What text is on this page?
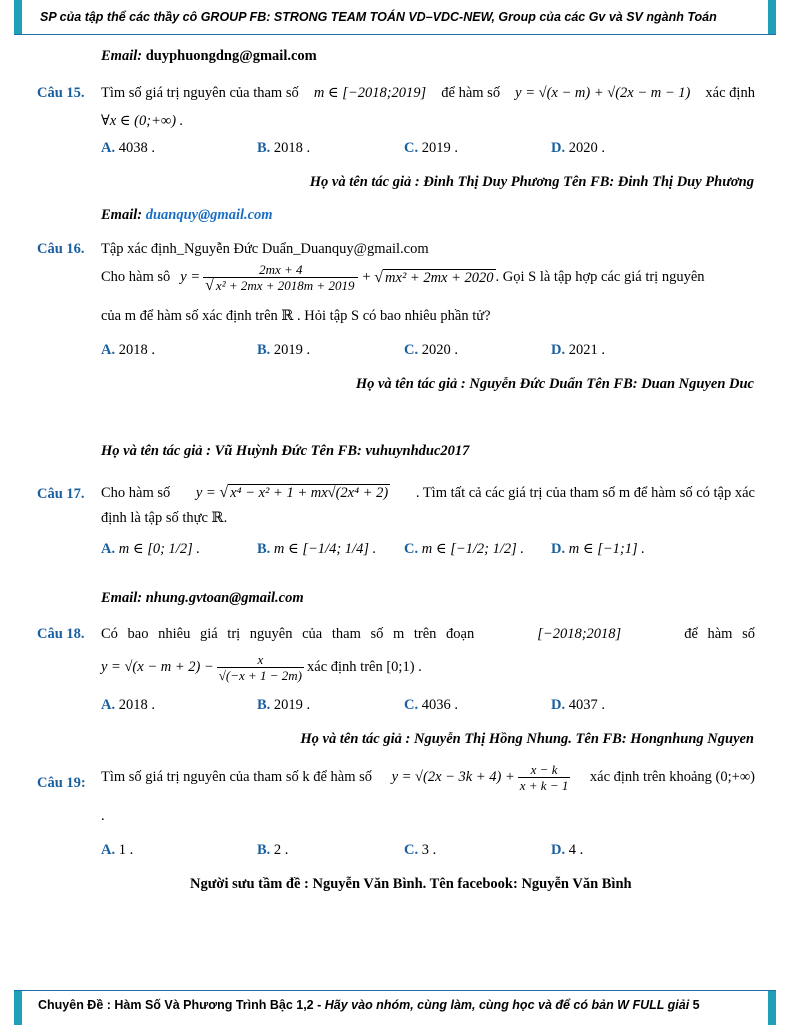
SP của tập thể các thầy cô GROUP FB: STRONG TEAM TOÁN VD–VDC-NEW, Group của các Gv và SV ngành Toán
Email: duyphuongdng@gmail.com
Câu 15. Tìm số giá trị nguyên của tham số m ∈ [−2018;2019] để hàm số y = √(x − m) + √(2x − m − 1) xác định
∀x ∈ (0;+∞) .
A. 4038 .	B. 2018 .	C. 2019 .	D. 2020 .
Họ và tên tác giả : Đinh Thị Duy Phương Tên FB: Đinh Thị Duy Phương
Email: duanquy@gmail.com
Câu 16. Tập xác định_Nguyễn Đức Duẩn_Duanquy@gmail.com
Cho hàm sô $y = \frac{2mx + 4}{\text{√ x² + 2mx + 2018m + 2019}}$ + √ mx² + 2mx + 2020 . Gọi S là tập hợp các giá trị nguyên
của m để hàm số xác định trên ℝ . Hỏi tập S có bao nhiêu phần tử?
A. 2018 .	B. 2019 .	C. 2020 .	D. 2021 .
Họ và tên tác giả : Nguyễn Đức Duẩn Tên FB: Duan Nguyen Duc
Họ và tên tác giả : Vũ Huỳnh Đức Tên FB: vuhuynhduc2017
Câu 17. Cho hàm số y = √ x⁴ − x² + 1 + mx√(2x⁴ + 2) . Tìm tất cả các giá trị của tham số m để hàm số có tập xác
định là tập số thực ℝ.
A. m ∈ [0; 1/2] .	B. m ∈ [−1/4; 1/4] . C. m ∈ [−1/2; 1/2] . D. m ∈ [−1;1] .
Email: nhung.gvtoan@gmail.com
Câu 18. Có bao nhiêu giá trị nguyên của tham số m trên đoạn	[−2018;2018]	để hàm số
$y = √(x - m + 2) - \frac{x}{√(-x + 1 - 2m)}$ xác định trên [0;1) .
A. 2018 .	B. 2019 .	C. 4036 .	D. 4037 .
Họ và tên tác giả : Nguyễn Thị Hồng Nhung. Tên FB: Hongnhung Nguyen
Câu 19: Tìm số giá trị nguyên của tham số k để hàm số $y = √(2x - 3k + 4) + \frac{x - k}{x + k - 1}$ xác định trên khoảng (0;+∞)
.
A. 1 .	B. 2 .	C. 3 .	D. 4 .
Người sưu tầm đề : Nguyễn Văn Bình. Tên facebook: Nguyễn Văn Bình
Chuyên Đề : Hàm Số Và Phương Trình Bậc 1,2 - Hãy vào nhóm, cùng làm, cùng học và để có bản W FULL giải 5
